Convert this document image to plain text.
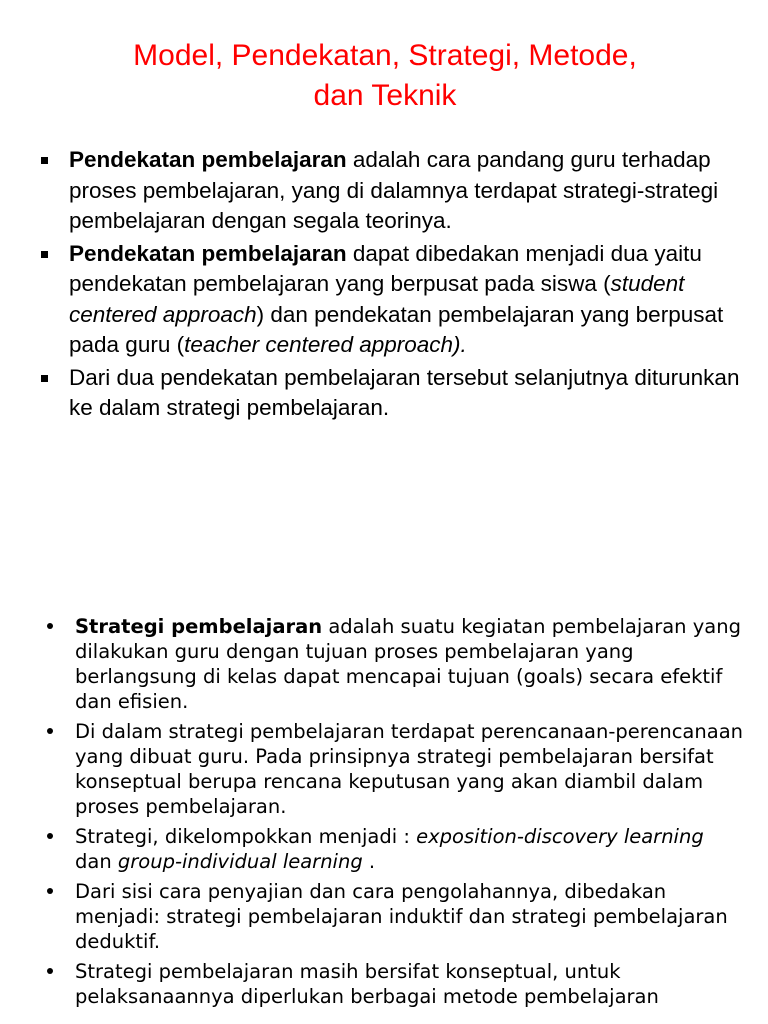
Model, Pendekatan, Strategi, Metode,
dan Teknik
Pendekatan pembelajaran adalah cara pandang guru terhadap proses pembelajaran, yang di dalamnya terdapat strategi-strategi pembelajaran dengan segala teorinya.
Pendekatan pembelajaran dapat dibedakan menjadi dua yaitu pendekatan pembelajaran yang berpusat pada siswa (student centered approach) dan pendekatan pembelajaran yang berpusat pada guru (teacher centered approach).
Dari dua pendekatan pembelajaran tersebut selanjutnya diturunkan ke dalam strategi pembelajaran.
Strategi pembelajaran adalah suatu kegiatan pembelajaran yang dilakukan guru dengan tujuan proses pembelajaran yang berlangsung di kelas dapat mencapai tujuan (goals) secara efektif dan efisien.
Di dalam strategi pembelajaran terdapat perencanaan-perencanaan yang dibuat guru. Pada prinsipnya strategi pembelajaran bersifat konseptual berupa rencana keputusan yang akan diambil dalam proses pembelajaran.
Strategi, dikelompokkan menjadi : exposition-discovery learning dan group-individual learning .
Dari sisi cara penyajian dan cara pengolahannya, dibedakan menjadi: strategi pembelajaran induktif dan strategi pembelajaran deduktif.
Strategi pembelajaran masih bersifat konseptual, untuk pelaksanaannya diperlukan berbagai metode pembelajaran
